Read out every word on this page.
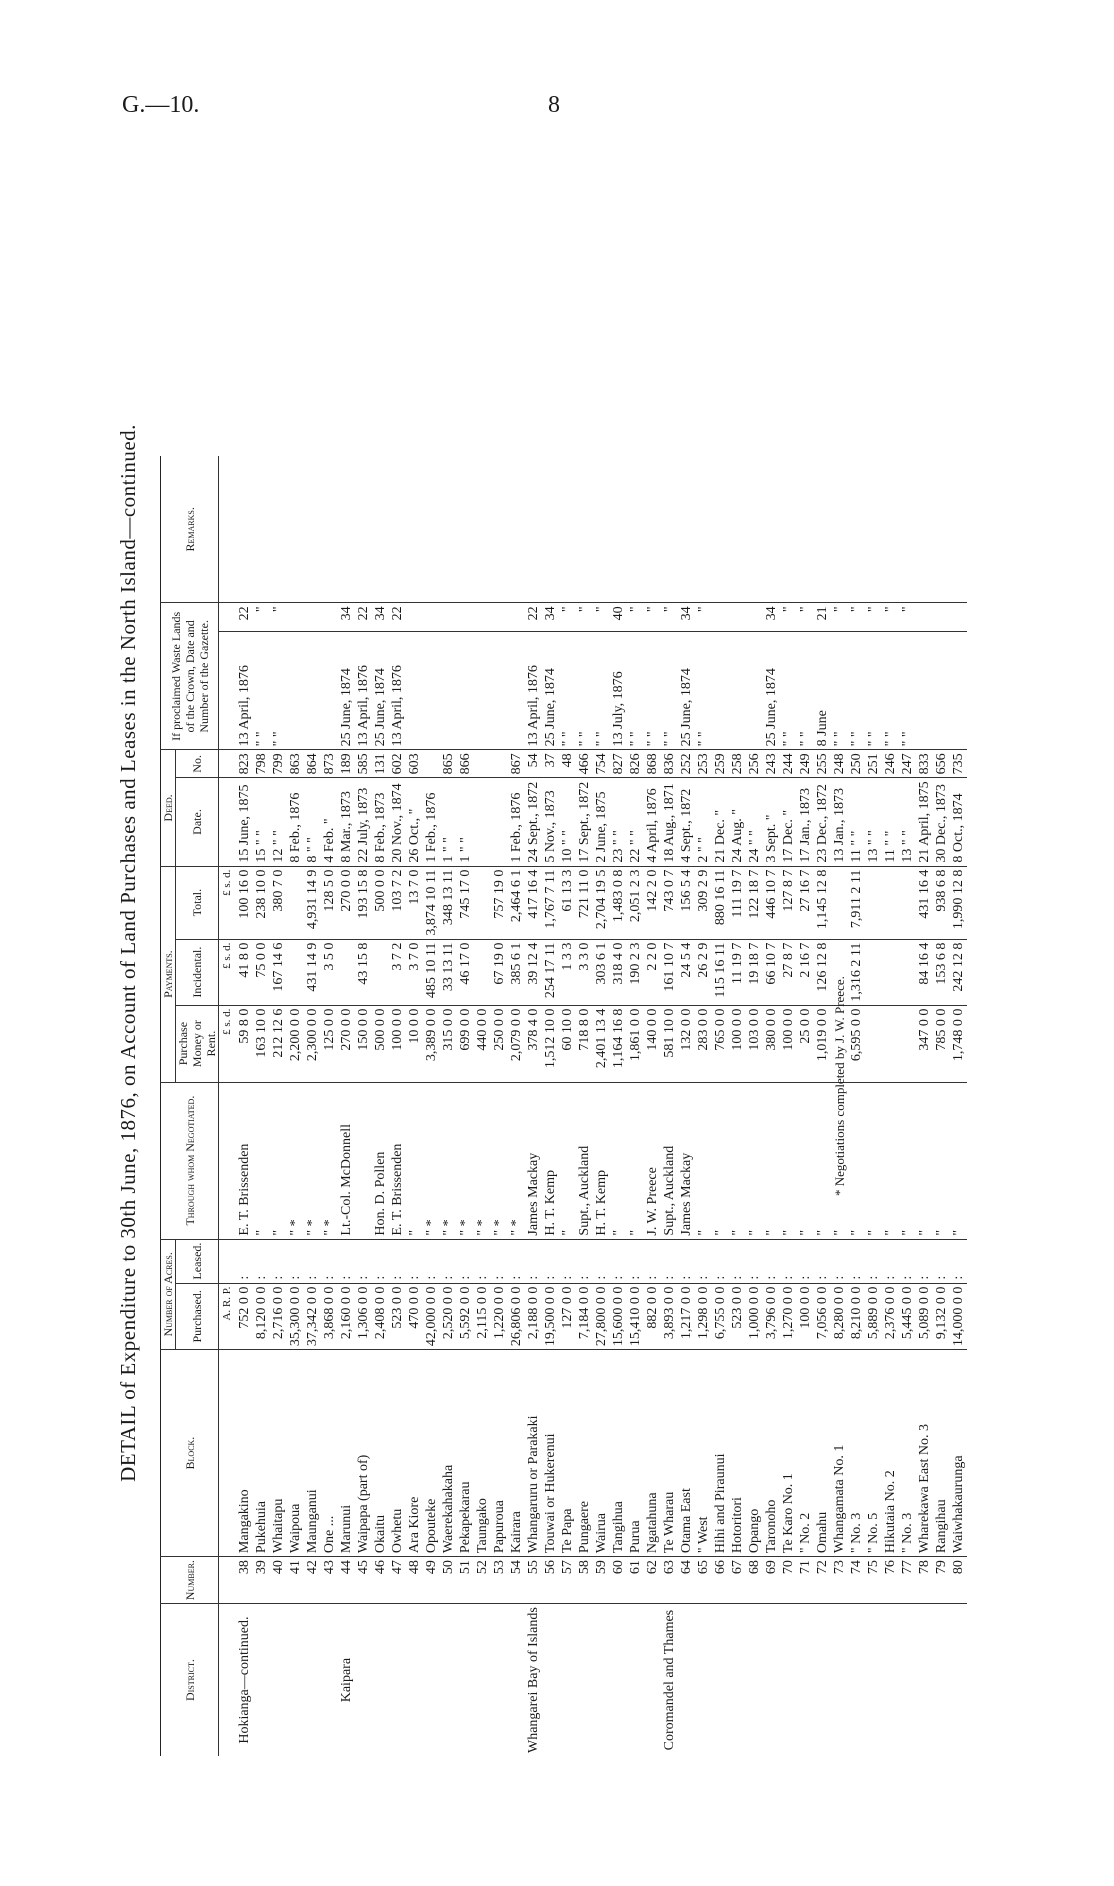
G.—10.	8
DETAIL of Expenditure to 30th June, 1876, on Account of Land Purchases and Leases in the North Island—continued.
District.	Number.	Block.	Number of Acres.		Through whom Negotiated.	Payments.			Deed.		If proclaimed Waste Lands of the Crown, Date and Number of the Gazette.		Remarks.
			Purchased.	Leased.		Purchase Money or Rent.	Incidental.	Total.	Date.	No.			
			A. R. P.			£ s. d.	£ s. d.	£ s. d.					
Hokianga—continued.	38	Mangakino	752 0 0	:	E. T. Brissenden	59 8 0	41 8 0	100 16 0	15 June, 1875	823	13 April, 1876	22	
	39	Pukehuia	8,120 0 0	:	"	163 10 0	75 0 0	238 10 0	15 " "	798	" "	"	
	40	Whaitapu	2,716 0 0	:	"	212 12 6	167 14 6	380 7 0	12 " "	799	" "	"	
	41	Waipoua	35,300 0 0	:	" *	2,200 0 0			8 Feb., 1876	863			
	42	Maunganui	37,342 0 0	:	" *	2,300 0 0	431 14 9	4,931 14 9	8 " "	864			
	43	One ...	3,868 0 0	:	" *	125 0 0	3 5 0	128 5 0	4 Feb. "	873			
Kaipara	44	Marunui	2,160 0 0	:	Lt.-Col. McDonnell	270 0 0		270 0 0	8 Mar., 1873	189	25 June, 1874	34	
	45	Waipapa (part of)	1,306 0 0	:		150 0 0	43 15 8	193 15 8	22 July, 1873	585	13 April, 1876	22	
	46	Okaitu	2,408 0 0	:	Hon. D. Pollen	500 0 0		500 0 0	8 Feb., 1873	131	25 June, 1874	34	
	47	Owhetu	523 0 0	:	E. T. Brissenden	100 0 0	3 7 2	103 7 2	20 Nov., 1874	602	13 April, 1876	22	
	48	Ara Kiore	470 0 0	:	"	10 0 0	3 7 0	13 7 0	26 Oct., "	603			
	49	Opouteke	42,000 0 0	:	" *	3,389 0 0	485 10 11	3,874 10 11	1 Feb., 1876				
	50	Waerekahakaha	2,520 0 0	:	" *	315 0 0	33 13 11	348 13 11	1 " "	865			
	51	Pekapekarau	5,592 0 0	:	" *	699 0 0	46 17 0	745 17 0	1 " "	866			
	52	Taungako	2,115 0 0	:	" *	440 0 0							
	53	Papuroua	1,220 0 0	:	" *	250 0 0	67 19 0	757 19 0					
	54	Kairara	26,806 0 0	:	" *	2,079 0 0	385 6 1	2,464 6 1	1 Feb., 1876	867			
Whangarei Bay of Islands	55	Whangaruru or Parakaki	2,188 0 0	:	James Mackay	378 4 0	39 12 4	417 16 4	24 Sept., 1872	54	13 April, 1876	22	
	56	Touwai or Hukerenui	19,500 0 0	:	H. T. Kemp	1,512 10 0	254 17 11	1,767 7 11	5 Nov., 1873	37	25 June, 1874	34	
	57	Te Papa	127 0 0	:	"	60 10 0	1 3 3	61 13 3	10 " "	48	" "	"	
	58	Pungaere	7,184 0 0	:	Supt., Auckland	718 8 0	3 3 0	721 11 0	17 Sept., 1872	466	" "	"	
	59	Wairua	27,800 0 0	:	H. T. Kemp	2,401 13 4	303 6 1	2,704 19 5	2 June, 1875	754	" "	"	
	60	Tangihua	15,600 0 0	:	"	1,164 16 8	318 4 0	1,483 0 8	23 " "	827	13 July, 1876	40	
	61	Purua	15,410 0 0	:	"	1,861 0 0	190 2 3	2,051 2 3	22 " "	826	" "	"	
	62	Ngatahuna	882 0 0	:	J. W. Preece	140 0 0	2 2 0	142 2 0	4 April, 1876	868	" "	"	
Coromandel and Thames	63	Te Wharau	3,893 0 0	:	Supt., Auckland	581 10 0	161 10 7	743 0 7	18 Aug., 1871	836	" "	"	
	64	Otama East	1,217 0 0	:	James Mackay	132 0 0	24 5 4	156 5 4	4 Sept., 1872	252	25 June, 1874	34	
	65	" West	1,298 0 0	:	"	283 0 0	26 2 9	309 2 9	2 " "	253	" "	"	
	66	Hihi and Piraunui	6,755 0 0	:	"	765 0 0	115 16 11	880 16 11	21 Dec. "	259			
	67	Hotoritori	523 0 0	:	"	100 0 0	11 19 7	111 19 7	24 Aug. "	258			
	68	Opango	1,000 0 0	:	"	103 0 0	19 18 7	122 18 7	24 " "	256			
	69	Taronoho	3,796 0 0	:	"	380 0 0	66 10 7	446 10 7	3 Sept. "	243	25 June, 1874	34	
	70	Te Karo No. 1	1,270 0 0	:	"	100 0 0	27 8 7	127 8 7	17 Dec. "	244	" "	"	
	71	" No. 2	100 0 0	:	"	25 0 0	2 16 7	27 16 7	17 Jan., 1873	249	" "	"	
	72	Omahu	7,056 0 0	:	"	1,019 0 0	126 12 8	1,145 12 8	23 Dec., 1872	255	8 June	21	
	73	Whangamata No. 1	8,280 0 0	:	"				13 Jan., 1873	248	" "	"	
	74	" No. 3	8,210 0 0	:	"	6,595 0 0	1,316 2 11	7,911 2 11	11 " "	250	" "	"	
	75	" No. 5	5,889 0 0	:	"				13 " "	251	" "	"	
	76	Hikutaia No. 2	2,376 0 0	:	"				11 " "	246	" "	"	
	77	" No. 3	5,445 0 0	:	"				13 " "	247	" "	"	
	78	Wharekawa East No. 3	5,089 0 0	:	"	347 0 0	84 16 4	431 16 4	21 April, 1875	833			
	79	Rangihau	9,132 0 0	:	"	785 0 0	153 6 8	938 6 8	30 Dec., 1873	656			
	80	Waiwhakaurunga	14,000 0 0	:	"	1,748 0 0	242 12 8	1,990 12 8	8 Oct., 1874	735			
* Negotiations completed by J. W. Preece.
